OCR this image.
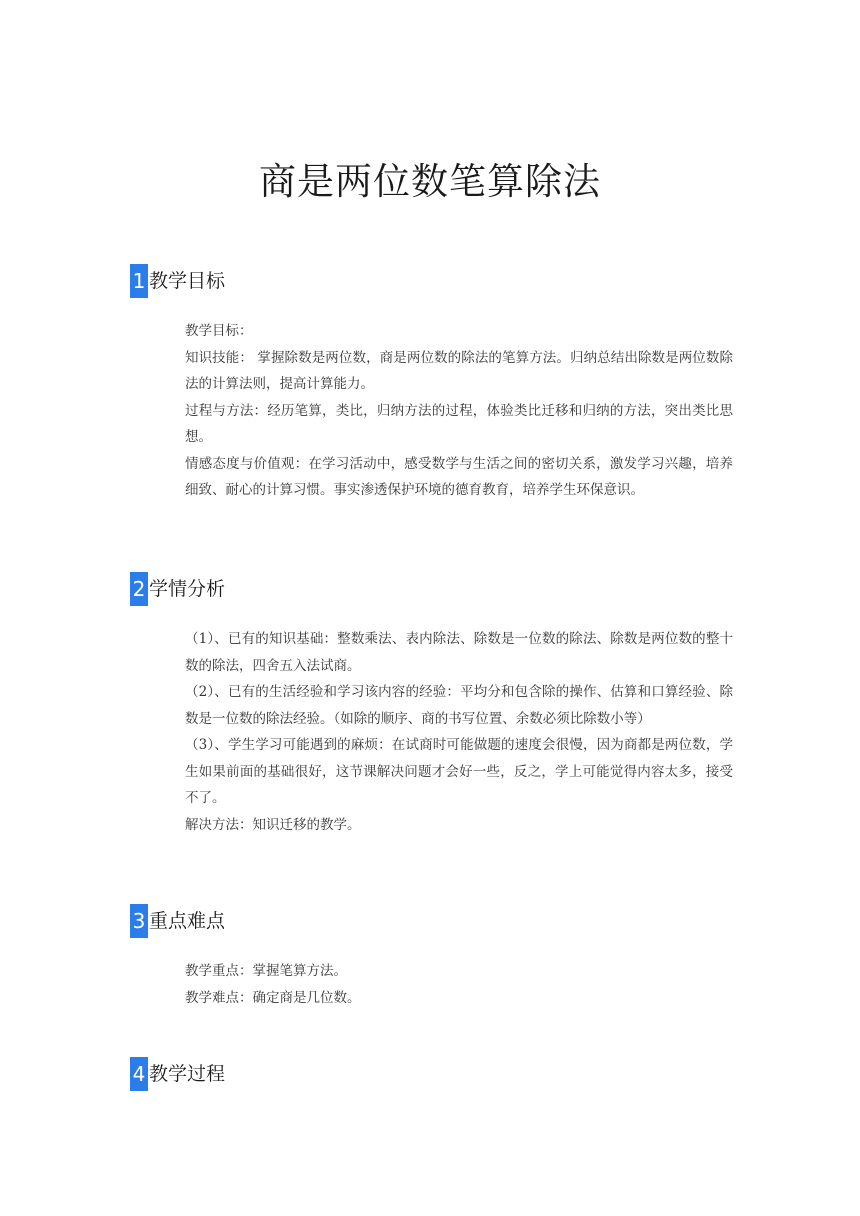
商是两位数笔算除法
1 教学目标

教学目标：

知识技能： 掌握除数是两位数，商是两位数的除法的笔算方法。归纳总结出除数是两位数除法的计算法则，提高计算能力。

过程与方法：经历笔算，类比，归纳方法的过程，体验类比迁移和归纳的方法，突出类比思想。

情感态度与价值观：在学习活动中，感受数学与生活之间的密切关系，激发学习兴趣，培养细致、耐心的计算习惯。事实渗透保护环境的德育教育，培养学生环保意识。

2 学情分析

（1）、已有的知识基础：整数乘法、表内除法、除数是一位数的除法、除数是两位数的整十数的除法，四舍五入法试商。

（2）、已有的生活经验和学习该内容的经验：平均分和包含除的操作、估算和口算经验、除数是一位数的除法经验。（如除的顺序、商的书写位置、余数必须比除数小等）

（3）、学生学习可能遇到的麻烦：在试商时可能做题的速度会很慢，因为商都是两位数，学生如果前面的基础很好，这节课解决问题才会好一些，反之，学上可能觉得内容太多，接受不了。

解决方法：知识迁移的教学。

3 重点难点

教学重点：掌握笔算方法。

教学难点：确定商是几位数。

4 教学过程
